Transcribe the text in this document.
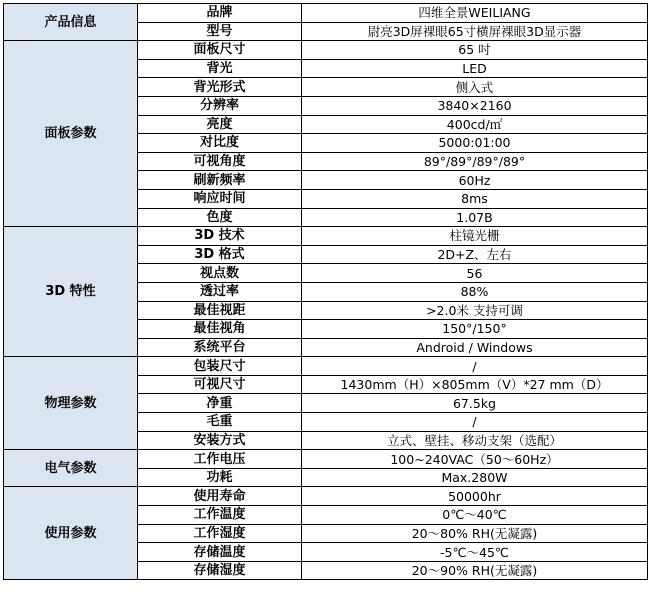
产品信息	品牌	四维全景WEILIANG
	型号	尉亮3D屏裸眼65寸横屏裸眼3D显示器
面板参数	面板尺寸	65 吋
	背光	LED
	背光形式	侧入式
	分辨率	3840×2160
	亮度	400cd/㎡
	对比度	5000:01:00
	可视角度	89°/89°/89°/89°
	刷新频率	60Hz
	响应时间	8ms
	色度	1.07B
3D 特性	3D 技术	柱镜光栅
	3D 格式	2D+Z、左右
	视点数	56
	透过率	88%
	最佳视距	>2.0米 支持可调
	最佳视角	150°/150°
	系统平台	Android / Windows
物理参数	包装尺寸	/
	可视尺寸	1430mm（H）×805mm（V）*27 mm（D）
	净重	67.5kg
	毛重	/
	安装方式	立式、壁挂、移动支架（选配）
电气参数	工作电压	100~240VAC（50～60Hz）
	功耗	Max.280W
使用参数	使用寿命	50000hr
	工作温度	0℃～40℃
	工作湿度	20～80% RH(无凝露)
	存储温度	-5℃～45℃
	存储湿度	20～90% RH(无凝露)
